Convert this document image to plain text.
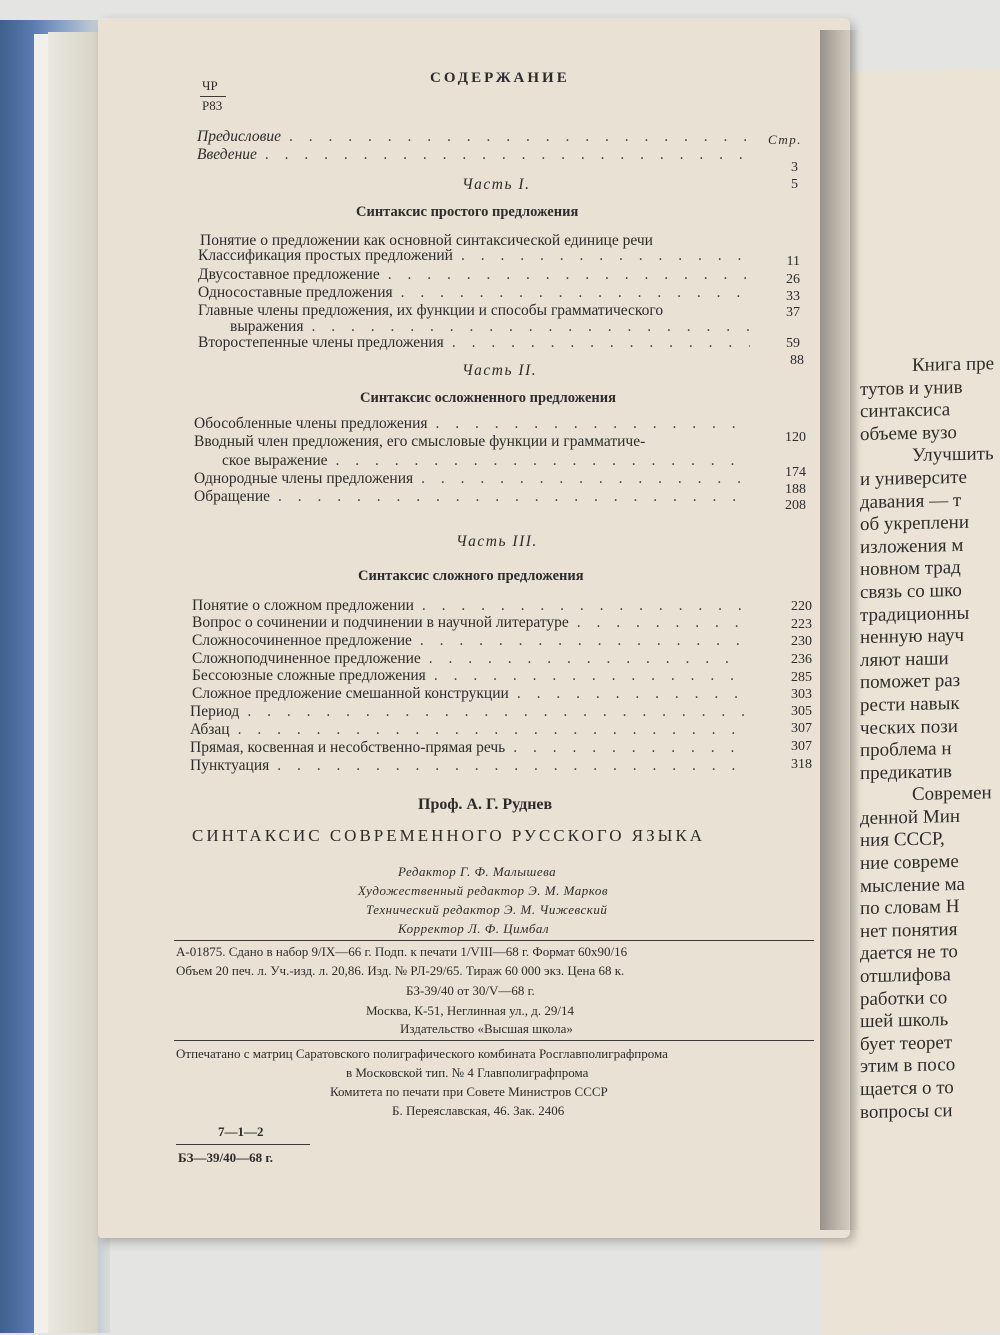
Книга пре
тутов и унив
синтаксиса
объеме вузо
Улучшить
и университе
давания — т
об укреплени
изложения м
новном трад
связь со шко
традиционны
ненную науч
ляют наши
поможет раз
рести навык
ческих пози
проблема н
предикатив
Современ
денной Мин
ния СССР,
ние совреме
мысление ма
по словам Н
нет понятия
дается не то
отшлифова
работки со
шей школь
бует теорет
этим в посо
щается о то
вопросы си
ЧР
Р83
СОДЕРЖАНИЕ
Стр.
Предисловие
. . .
Введение
. . .
3
5
Часть I.
Синтаксис простого предложения
Понятие о предложении как основной синтаксической единице речи
Классификация простых предложений
. . .
Двусоставное предложение
. . .
Односоставные предложения
. . .
Главные члены предложения, их функции и способы грамматического
выражения
. . .
Второстепенные члены предложения
. . .
11
26
33
37
59
88
Часть II.
Синтаксис осложненного предложения
Обособленные члены предложения
. . .
Вводный член предложения, его смысловые функции и грамматиче-
ское выражение
. . .
Однородные члены предложения
. . .
Обращение
. . .
120
174
188
208
Часть III.
Синтаксис сложного предложения
Понятие о сложном предложении
. . .
Вопрос о сочинении и подчинении в научной литературе
. . .
Сложносочиненное предложение
. . .
Сложноподчиненное предложение
. . .
Бессоюзные сложные предложения
. . .
Сложное предложение смешанной конструкции
. . .
Период
. . .
Абзац
. . .
Прямая, косвенная и несобственно-прямая речь
. . .
Пунктуация
. . .
220
223
230
236
285
303
305
307
307
318
Проф. А. Г. Руднев
СИНТАКСИС СОВРЕМЕННОГО РУССКОГО ЯЗЫКА
Редактор Г. Ф. Малышева
Художественный редактор Э. М. Марков
Технический редактор Э. М. Чижевский
Корректор Л. Ф. Цимбал
А-01875. Сдано в набор 9/IX—66 г. Подп. к печати 1/VIII—68 г. Формат 60х90/16
Объем 20 печ. л. Уч.-изд. л. 20,86. Изд. № РЛ-29/65. Тираж 60 000 экз. Цена 68 к.
БЗ-39/40 от 30/V—68 г.
Москва, К-51, Неглинная ул., д. 29/14
Издательство «Высшая школа»
Отпечатано с матриц Саратовского полиграфического комбината Росглавполиграфпрома
в Московской тип. № 4 Главполиграфпрома
Комитета по печати при Совете Министров СССР
Б. Переяславская, 46. Зак. 2406
7—1—2
БЗ—39/40—68 г.
